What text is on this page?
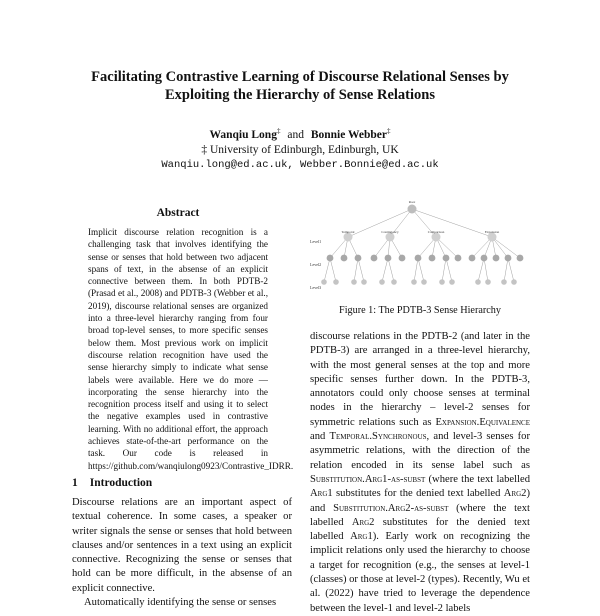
Facilitating Contrastive Learning of Discourse Relational Senses by
Exploiting the Hierarchy of Sense Relations
Wanqiu Long‡ and Bonnie Webber‡
‡ University of Edinburgh, Edinburgh, UK
Wanqiu.long@ed.ac.uk, Webber.Bonnie@ed.ac.uk
Abstract

Implicit discourse relation recognition is a challenging task that involves identifying the sense or senses that hold between two adjacent spans of text, in the absense of an explicit connective between them. In both PDTB-2 (Prasad et al., 2008) and PDTB-3 (Webber et al., 2019), discourse relational senses are organized into a three-level hierarchy ranging from four broad top-level senses, to more specific senses below them. Most previous work on implicit discourse relation recognition have used the sense hierarchy simply to indicate what sense labels were available. Here we do more — incorporating the sense hierarchy into the recognition process itself and using it to select the negative examples used in contrastive learning. With no additional effort, the approach achieves state-of-the-art performance on the task. Our code is released in https://github.com/wanqiulong0923/Contrastive_IDRR.

1 Introduction

Discourse relations are an important aspect of textual coherence. In some cases, a speaker or writer signals the sense or senses that hold between clauses and/or sentences in a text using an explicit connective. Recognizing the sense or senses that hold can be more difficult, in the absense of an explicit connective.

Automatically identifying the sense or senses

Root
Temporal	Contingency	Comparison	Expansion
Level1
Level2
Level3
Figure 1: The PDTB-3 Sense Hierarchy

discourse relations in the PDTB-2 (and later in the PDTB-3) are arranged in a three-level hierarchy, with the most general senses at the top and more specific senses further down. In the PDTB-3, annotators could only choose senses at terminal nodes in the hierarchy – level-2 senses for symmetric relations such as Expansion.Equivalence and Temporal.Synchronous, and level-3 senses for asymmetric relations, with the direction of the relation encoded in its sense label such as Substitution.Arg1-as-subst (where the text labelled Arg1 substitutes for the denied text labelled Arg2) and Substitution.Arg2-as-subst (where the text labelled Arg2 substitutes for the denied text labelled Arg1). Early work on recognizing the implicit relations only used the hierarchy to choose a target for recognition (e.g., the senses at level-1 (classes) or those at level-2 (types). Recently, Wu et al. (2022) have tried to leverage the dependence between the level-1 and level-2 labels
